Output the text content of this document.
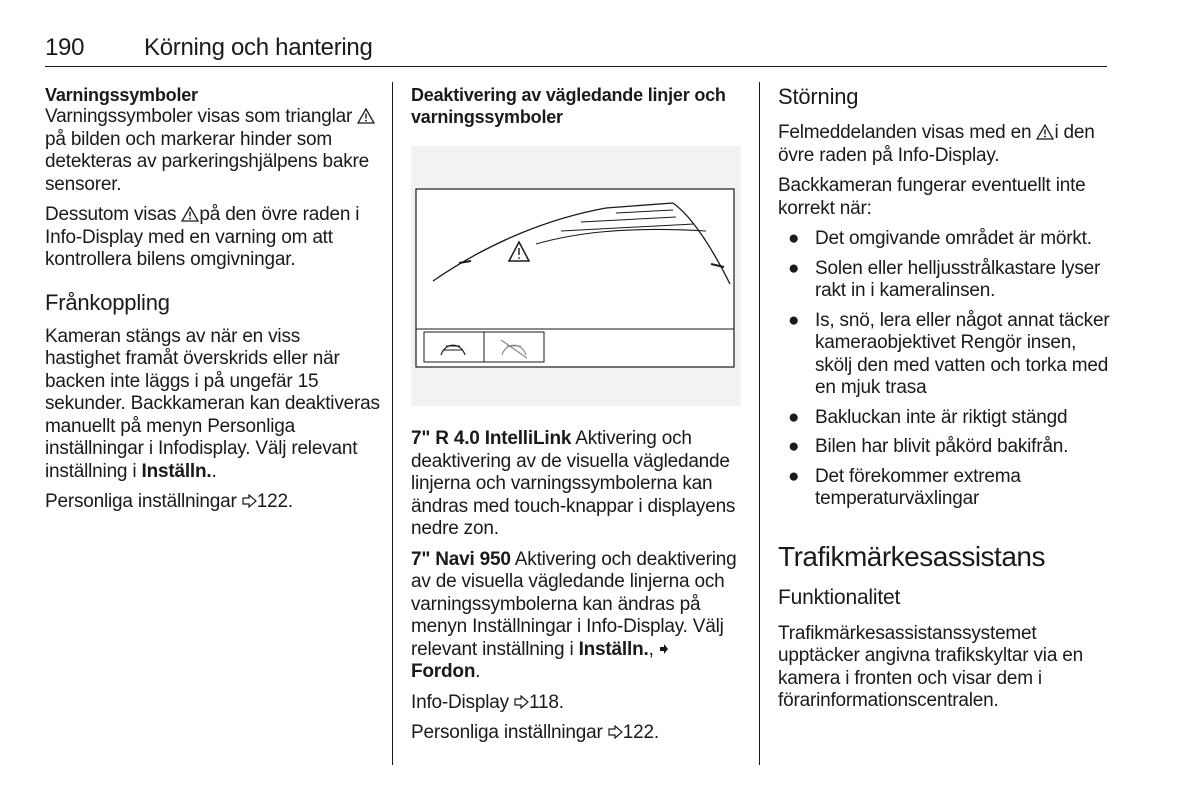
190 Körning och hantering
Varningssymboler

Varningssymboler visas som trianglar på bilden och markerar hinder som detekteras av parkeringshjälpens bakre sensorer.

Dessutom visas på den övre raden i Info-Display med en varning om att kontrollera bilens omgivningar.

Frånkoppling

Kameran stängs av när en viss hastighet framåt överskrids eller när backen inte läggs i på ungefär 15 sekunder. Backkameran kan deaktiveras manuellt på menyn Personliga inställningar i Infodisplay. Välj relevant inställning i Inställn..

Personliga inställningar 122.

Deaktivering av vägledande linjer och varningssymboler

7" R 4.0 IntelliLink Aktivering och deaktivering av de visuella vägledande linjerna och varningssymbolerna kan ändras med touch-knappar i displayens nedre zon.

7" Navi 950 Aktivering och deaktivering av de visuella vägledande linjerna och varningssymbolerna kan ändras på menyn Inställningar i Info-Display. Välj relevant inställning i Inställn.,
Fordon.

Info-Display 118.

Personliga inställningar 122.

Störning

Felmeddelanden visas med en i den övre raden på Info-Display.

Backkameran fungerar eventuellt inte korrekt när:

● Det omgivande området är mörkt.
● Solen eller helljusstrålkastare lyser rakt in i kameralinsen.
● Is, snö, lera eller något annat täcker kameraobjektivet Rengör insen, skölj den med vatten och torka med en mjuk trasa
● Bakluckan inte är riktigt stängd
● Bilen har blivit påkörd bakifrån.
● Det förekommer extrema temperaturväxlingar
Trafikmärkesassistans
Funktionalitet

Trafikmärkesassistanssystemet upptäcker angivna trafikskyltar via en kamera i fronten och visar dem i förarinformationscentralen.
